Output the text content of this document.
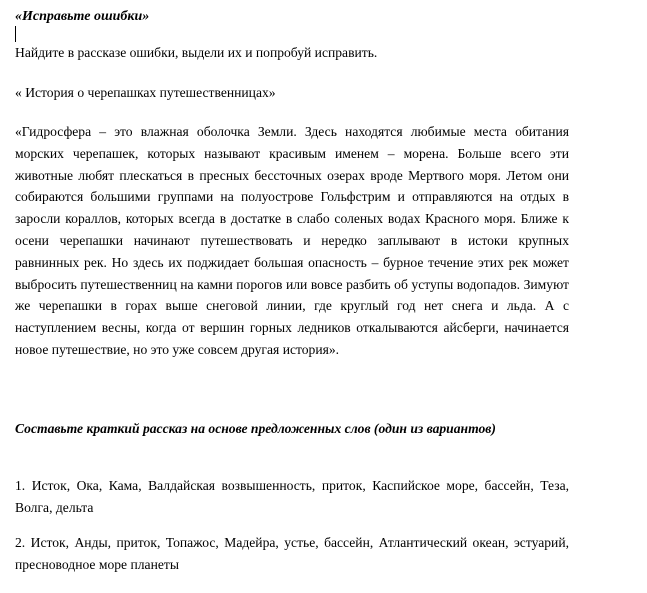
«Исправьте ошибки»
Найдите в рассказе ошибки, выдели их и попробуй исправить.
« История о черепашках путешественницах»
«Гидросфера – это влажная оболочка Земли. Здесь находятся любимые места обитания морских черепашек, которых называют красивым именем – морена. Больше всего эти животные любят плескаться в пресных бессточных озерах вроде Мертвого моря. Летом они собираются большими группами на полуострове Гольфстрим и отправляются на отдых в заросли кораллов, которых всегда в достатке в слабо соленых водах Красного моря. Ближе к осени черепашки начинают путешествовать и нередко заплывают в истоки крупных равнинных рек. Но здесь их поджидает большая опасность – бурное течение этих рек может выбросить путешественниц на камни порогов или вовсе разбить об уступы водопадов. Зимуют же черепашки в горах выше снеговой линии, где круглый год нет снега и льда. А с наступлением весны, когда от вершин горных ледников откалываются айсберги, начинается новое путешествие, но это уже совсем другая история».
Составьте краткий рассказ на основе предложенных слов (один из вариантов)
1. Исток, Ока, Кама, Валдайская возвышенность, приток, Каспийское море, бассейн, Теза, Волга, дельта
2. Исток, Анды, приток, Топажос, Мадейра, устье, бассейн, Атлантический океан, эстуарий, пресноводное море планеты
